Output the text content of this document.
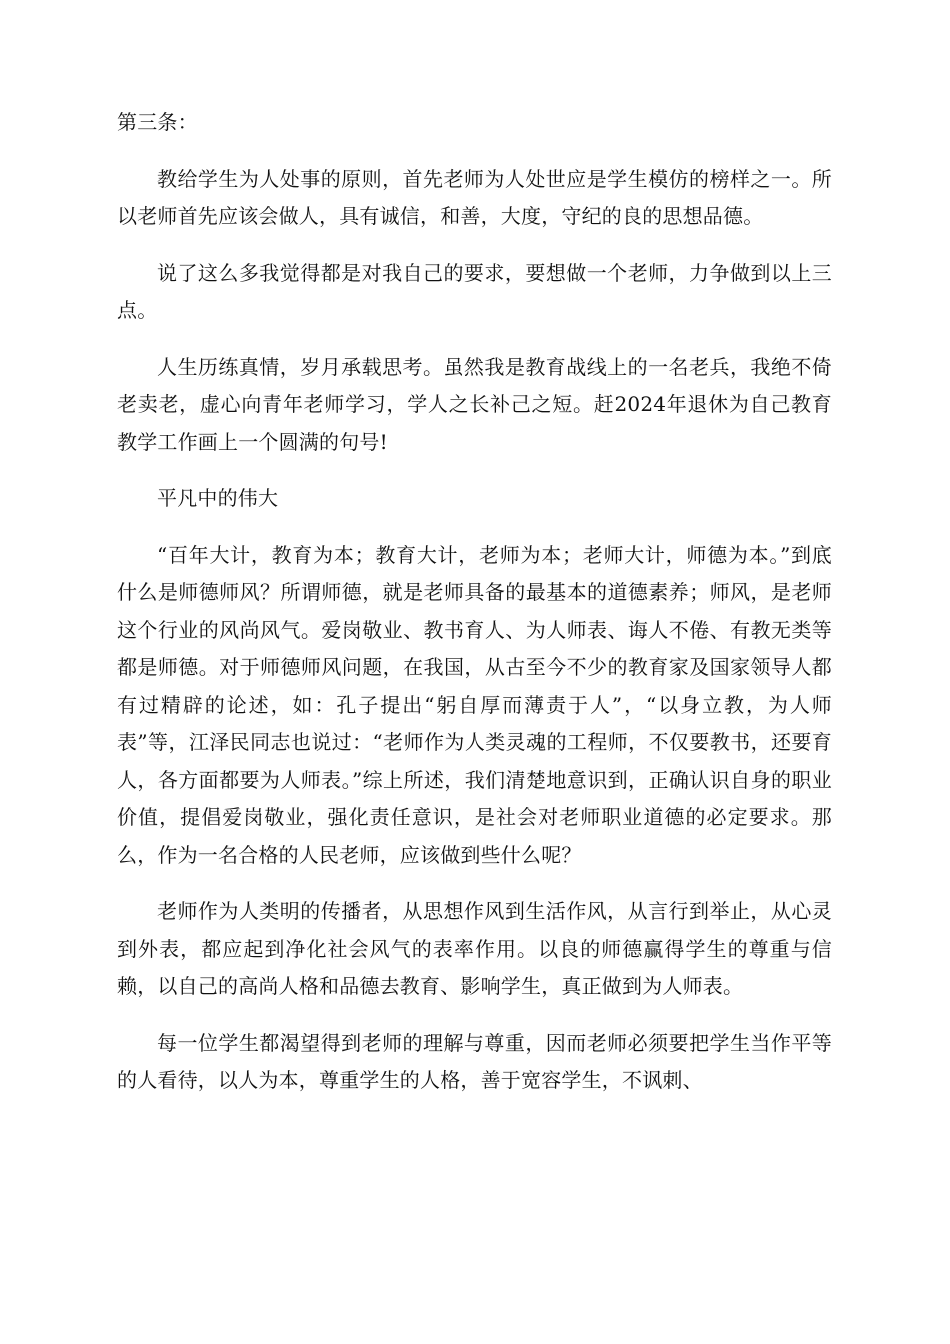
第三条：

教给学生为人处事的原则，首先老师为人处世应是学生模仿的榜样之一。所以老师首先应该会做人，具有诚信，和善，大度，守纪的良的思想品德。

说了这么多我觉得都是对我自己的要求，要想做一个老师，力争做到以上三点。

人生历练真情，岁月承载思考。虽然我是教育战线上的一名老兵，我绝不倚老卖老，虚心向青年老师学习，学人之长补己之短。赶2024年退休为自己教育教学工作画上一个圆满的句号!

平凡中的伟大

“百年大计，教育为本；教育大计，老师为本；老师大计，师德为本。”到底什么是师德师风？所谓师德，就是老师具备的最基本的道德素养；师风，是老师这个行业的风尚风气。爱岗敬业、教书育人、为人师表、诲人不倦、有教无类等都是师德。对于师德师风问题，在我国，从古至今不少的教育家及国家领导人都有过精辟的论述，如：孔子提出“躬自厚而薄责于人”，“以身立教，为人师表”等，江泽民同志也说过：“老师作为人类灵魂的工程师，不仅要教书，还要育人，各方面都要为人师表。”综上所述，我们清楚地意识到，正确认识自身的职业价值，提倡爱岗敬业，强化责任意识，是社会对老师职业道德的必定要求。那么，作为一名合格的人民老师，应该做到些什么呢？

老师作为人类明的传播者，从思想作风到生活作风，从言行到举止，从心灵到外表，都应起到净化社会风气的表率作用。以良的师德赢得学生的尊重与信赖，以自己的高尚人格和品德去教育、影响学生，真正做到为人师表。

每一位学生都渴望得到老师的理解与尊重，因而老师必须要把学生当作平等的人看待，以人为本，尊重学生的人格，善于宽容学生，不讽刺、
